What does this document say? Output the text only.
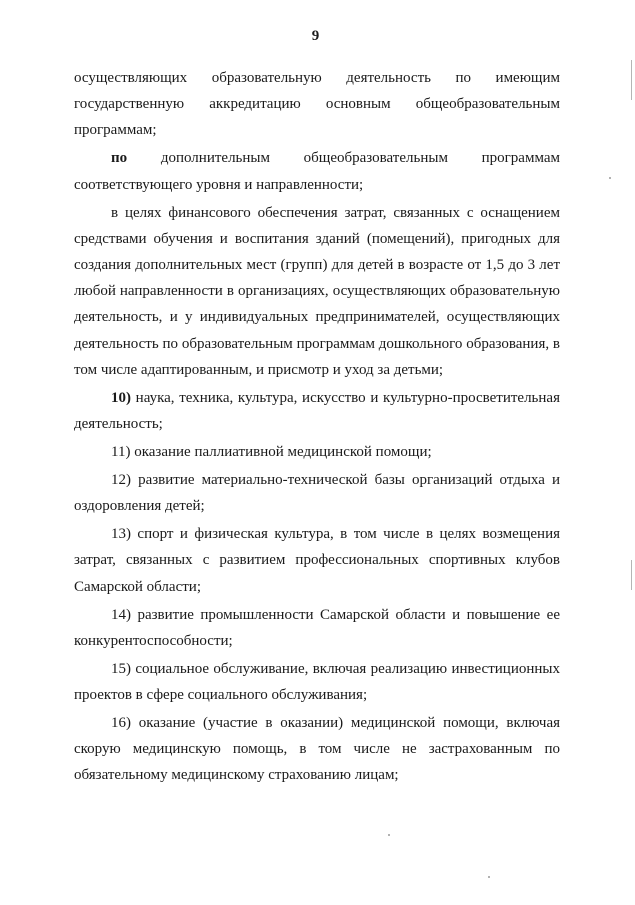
9

осуществляющих образовательную деятельность по имеющим государственную аккредитацию основным общеобразовательным программам;

по дополнительным общеобразовательным программам соответствующего уровня и направленности;

в целях финансового обеспечения затрат, связанных с оснащением средствами обучения и воспитания зданий (помещений), пригодных для создания дополнительных мест (групп) для детей в возрасте от 1,5 до 3 лет любой направленности в организациях, осуществляющих образовательную деятельность, и у индивидуальных предпринимателей, осуществляющих деятельность по образовательным программам дошкольного образования, в том числе адаптированным, и присмотр и уход за детьми;

10) наука, техника, культура, искусство и культурно-просветительная деятельность;

11) оказание паллиативной медицинской помощи;

12) развитие материально-технической базы организаций отдыха и оздоровления детей;

13) спорт и физическая культура, в том числе в целях возмещения затрат, связанных с развитием профессиональных спортивных клубов Самарской области;

14) развитие промышленности Самарской области и повышение ее конкурентоспособности;

15) социальное обслуживание, включая реализацию инвестиционных проектов в сфере социального обслуживания;

16) оказание (участие в оказании) медицинской помощи, включая скорую медицинскую помощь, в том числе не застрахованным по обязательному медицинскому страхованию лицам;
